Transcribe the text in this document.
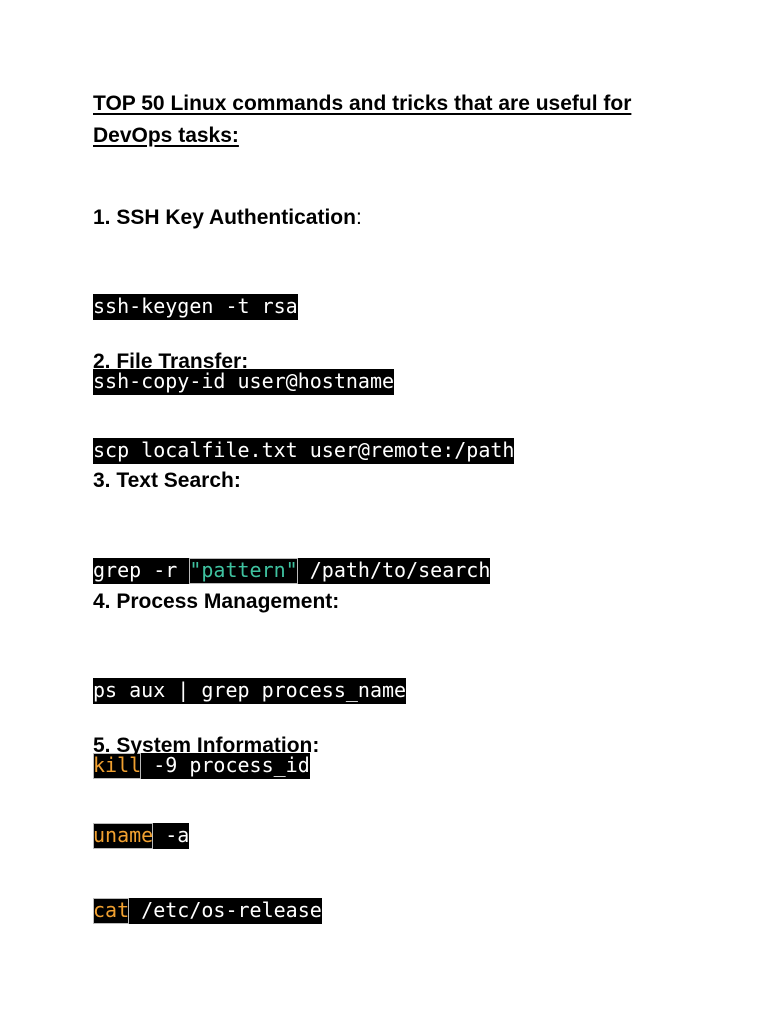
TOP 50 Linux commands and tricks that are useful for DevOps tasks:
1. SSH Key Authentication:

ssh-keygen -t rsa

ssh-copy-id user@hostname

2. File Transfer:

scp localfile.txt user@remote:/path

3. Text Search:

grep -r "pattern" /path/to/search

4. Process Management:

ps aux | grep process_name

kill -9 process_id

5. System Information:

uname -a

cat /etc/os-release
